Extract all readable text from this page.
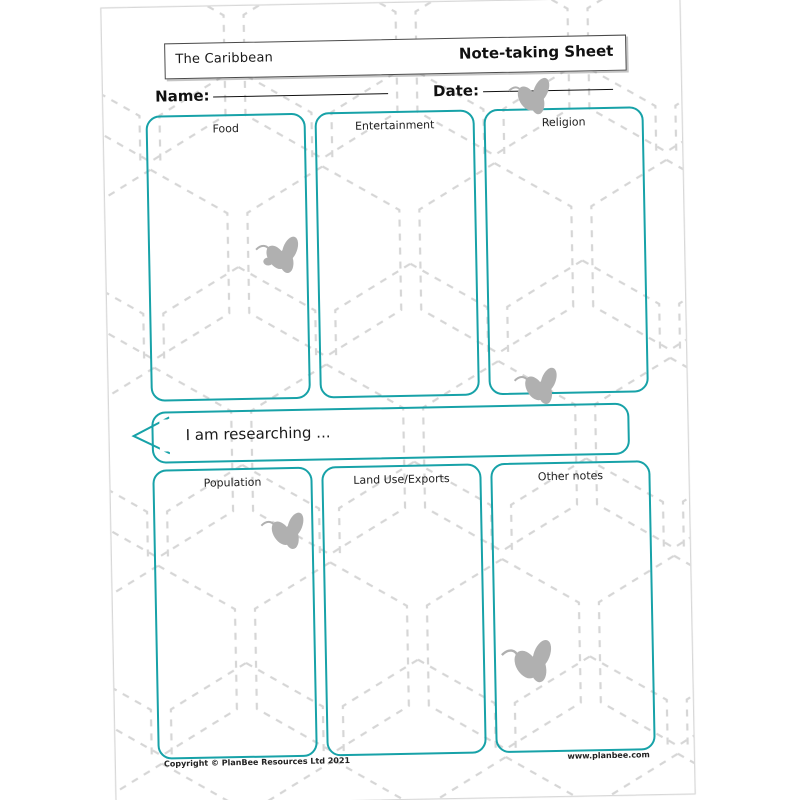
The Caribbean	Note-taking Sheet
Name:	Date:
Food	Entertainment	Religion
I am researching ...
Population	Land Use/Exports	Other notes
Copyright © PlanBee Resources Ltd 2021
www.planbee.com
